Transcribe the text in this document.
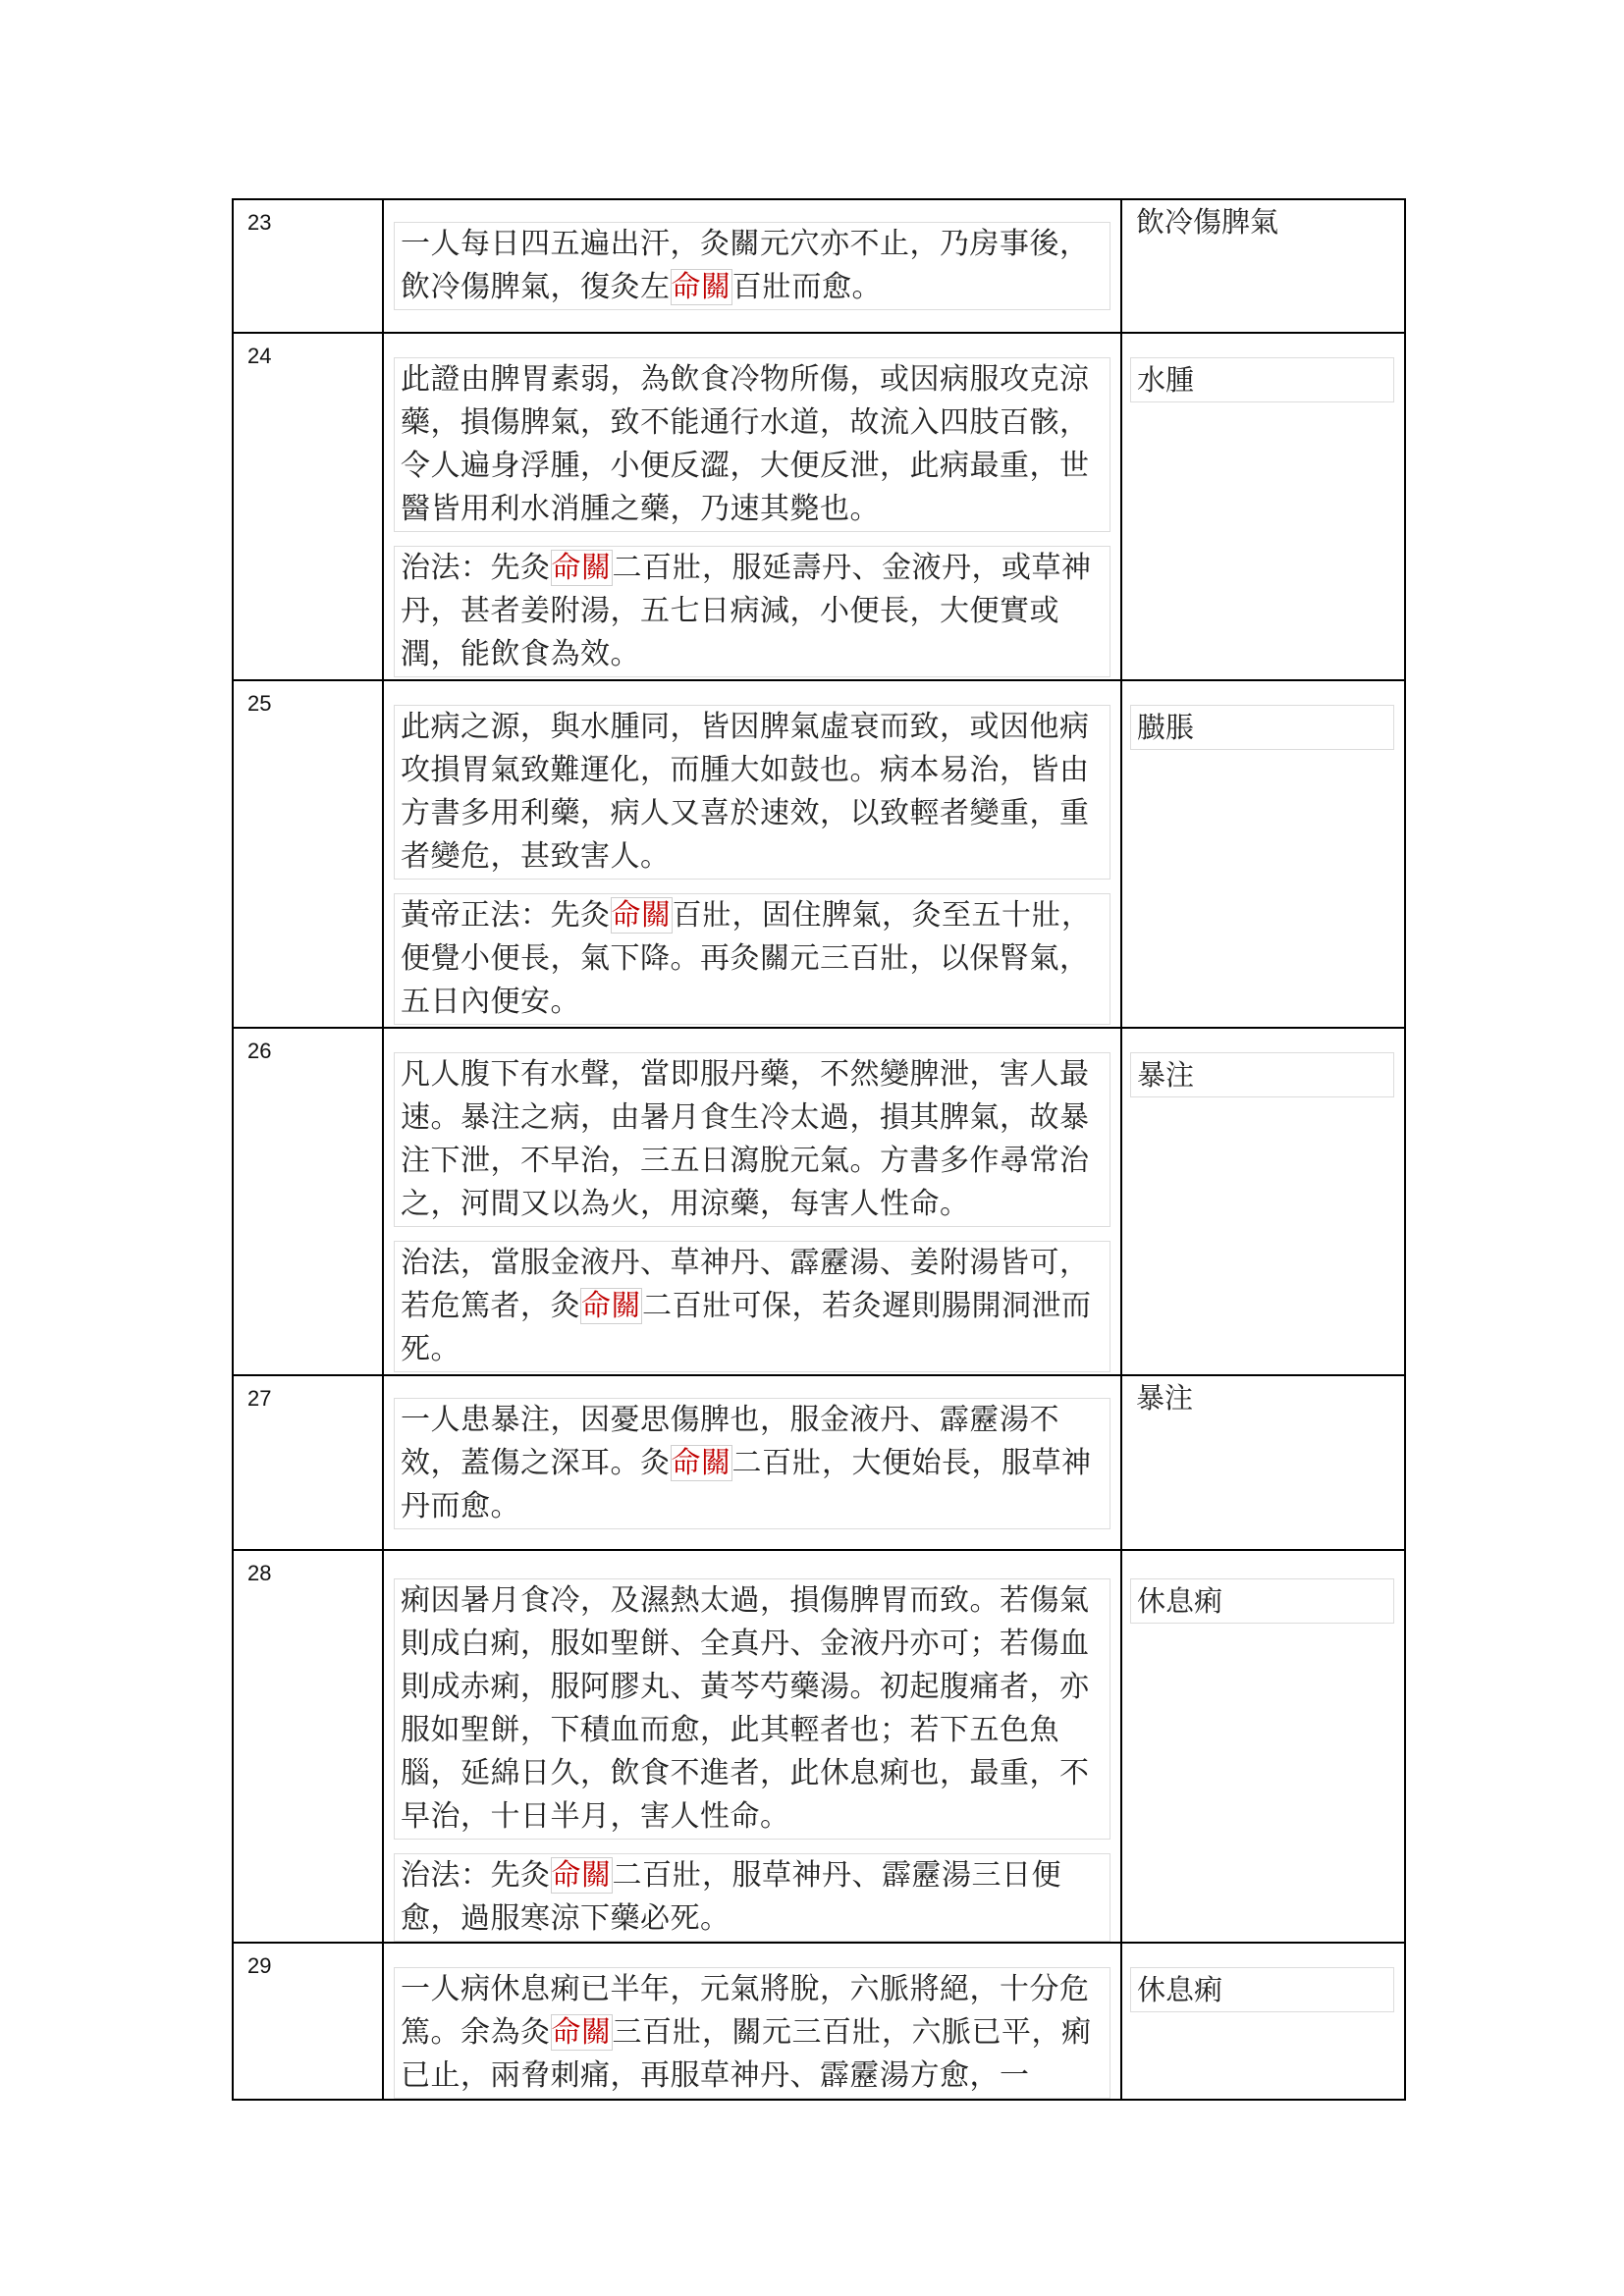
23	一人每日四五遍出汗，灸關元穴亦不止，乃房事後，飲冷傷脾氣，復灸左命關百壯而愈。	飲冷傷脾氣

24	此證由脾胃素弱，為飲食冷物所傷，或因病服攻克涼藥，損傷脾氣，致不能通行水道，故流入四肢百骸，令人遍身浮腫，小便反澀，大便反泄，此病最重，世醫皆用利水消腫之藥，乃速其斃也。
治法：先灸命關二百壯，服延壽丹、金液丹，或草神丹，甚者姜附湯，五七日病減，小便長，大便實或潤，能飲食為效。	水腫

25	此病之源，與水腫同，皆因脾氣虛衰而致，或因他病攻損胃氣致難運化，而腫大如鼓也。病本易治，皆由方書多用利藥，病人又喜於速效，以致輕者變重，重者變危，甚致害人。
黃帝正法：先灸命關百壯，固住脾氣，灸至五十壯，便覺小便長，氣下降。再灸關元三百壯，以保腎氣，五日內便安。	臌脹

26	凡人腹下有水聲，當即服丹藥，不然變脾泄，害人最速。暴注之病，由暑月食生冷太過，損其脾氣，故暴注下泄，不早治，三五日瀉脫元氣。方書多作尋常治之，河間又以為火，用涼藥，每害人性命。
治法，當服金液丹、草神丹、霹靂湯、姜附湯皆可，若危篤者，灸命關二百壯可保，若灸遲則腸開洞泄而死。	暴注

27	一人患暴注，因憂思傷脾也，服金液丹、霹靂湯不效，蓋傷之深耳。灸命關二百壯，大便始長，服草神丹而愈。	暴注

28	痢因暑月食冷，及濕熱太過，損傷脾胃而致。若傷氣則成白痢，服如聖餅、全真丹、金液丹亦可；若傷血則成赤痢，服阿膠丸、黃芩芍藥湯。初起腹痛者，亦服如聖餅，下積血而愈，此其輕者也；若下五色魚腦，延綿日久，飲食不進者，此休息痢也，最重，不早治，十日半月，害人性命。
治法：先灸命關二百壯，服草神丹、霹靂湯三日便愈，過服寒涼下藥必死。	休息痢

29	一人病休息痢已半年，元氣將脫，六脈將絕，十分危篤。余為灸命關三百壯，關元三百壯，六脈已平，痢已止，兩脅刺痛，再服草神丹、霹靂湯方愈，一	休息痢
